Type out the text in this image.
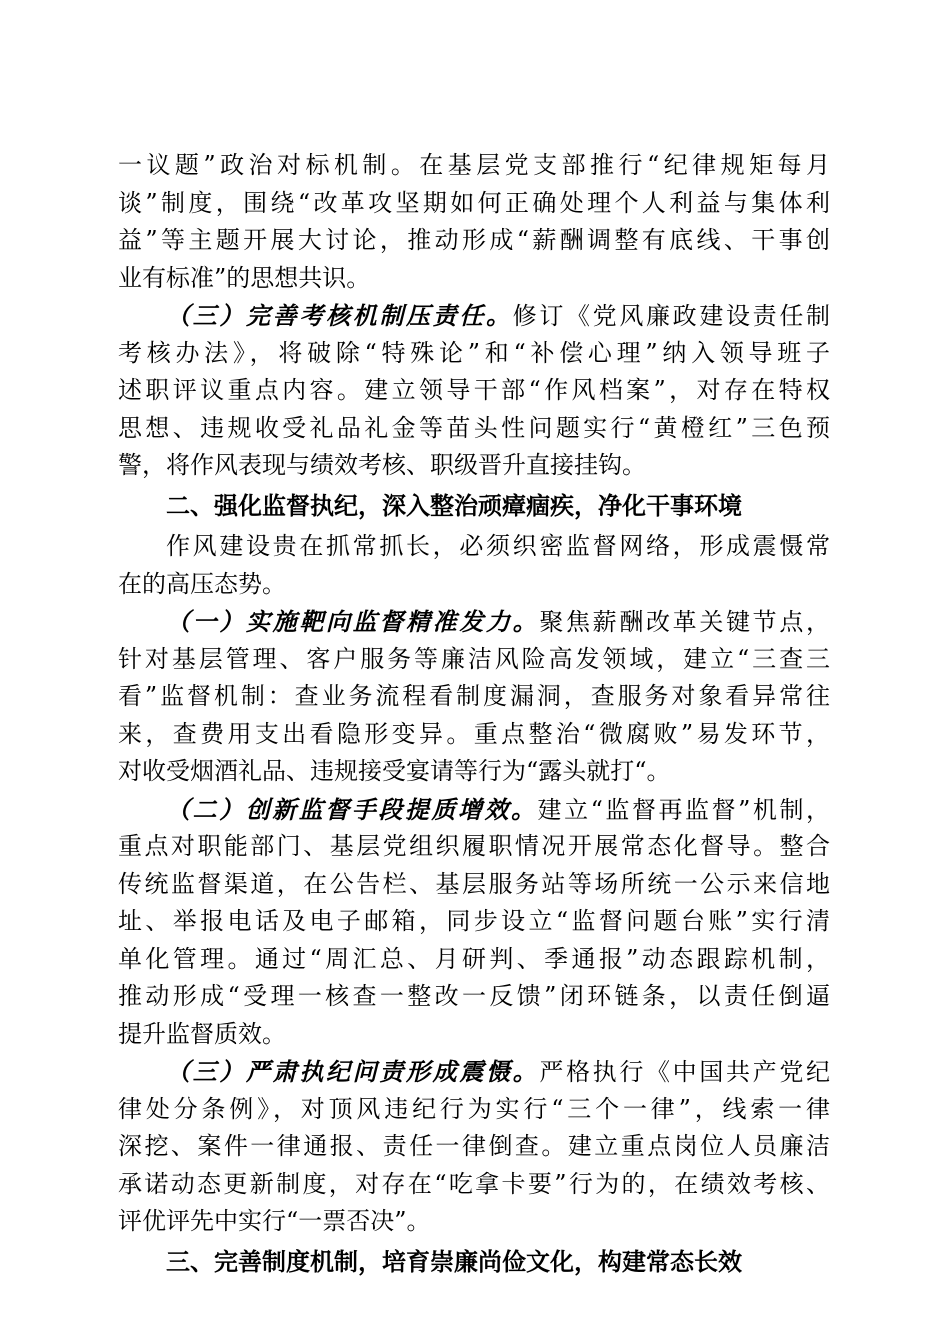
一议题”政治对标机制。在基层党支部推行“纪律规矩每月
谈”制度，围绕“改革攻坚期如何正确处理个人利益与集体利
益”等主题开展大讨论，推动形成“薪酬调整有底线、干事创
业有标准”的思想共识。
（三）完善考核机制压责任。修订《党风廉政建设责任制
考核办法》，将破除“特殊论”和“补偿心理”纳入领导班子
述职评议重点内容。建立领导干部“作风档案”，对存在特权
思想、违规收受礼品礼金等苗头性问题实行“黄橙红”三色预
警，将作风表现与绩效考核、职级晋升直接挂钩。
二、强化监督执纪，深入整治顽瘴痼疾，净化干事环境
作风建设贵在抓常抓长，必须织密监督网络，形成震慑常
在的高压态势。
（一）实施靶向监督精准发力。聚焦薪酬改革关键节点，
针对基层管理、客户服务等廉洁风险高发领域，建立“三查三
看”监督机制：查业务流程看制度漏洞，查服务对象看异常往
来，查费用支出看隐形变异。重点整治“微腐败”易发环节，
对收受烟酒礼品、违规接受宴请等行为“露头就打“。
（二）创新监督手段提质增效。建立“监督再监督”机制，
重点对职能部门、基层党组织履职情况开展常态化督导。整合
传统监督渠道，在公告栏、基层服务站等场所统一公示来信地
址、举报电话及电子邮箱，同步设立“监督问题台账”实行清
单化管理。通过“周汇总、月研判、季通报”动态跟踪机制，
推动形成“受理一核查一整改一反馈”闭环链条，以责任倒逼
提升监督质效。
（三）严肃执纪问责形成震慑。严格执行《中国共产党纪
律处分条例》，对顶风违纪行为实行“三个一律”，线索一律
深挖、案件一律通报、责任一律倒查。建立重点岗位人员廉洁
承诺动态更新制度，对存在“吃拿卡要”行为的，在绩效考核、
评优评先中实行“一票否决”。
三、完善制度机制，培育崇廉尚俭文化，构建常态长效
